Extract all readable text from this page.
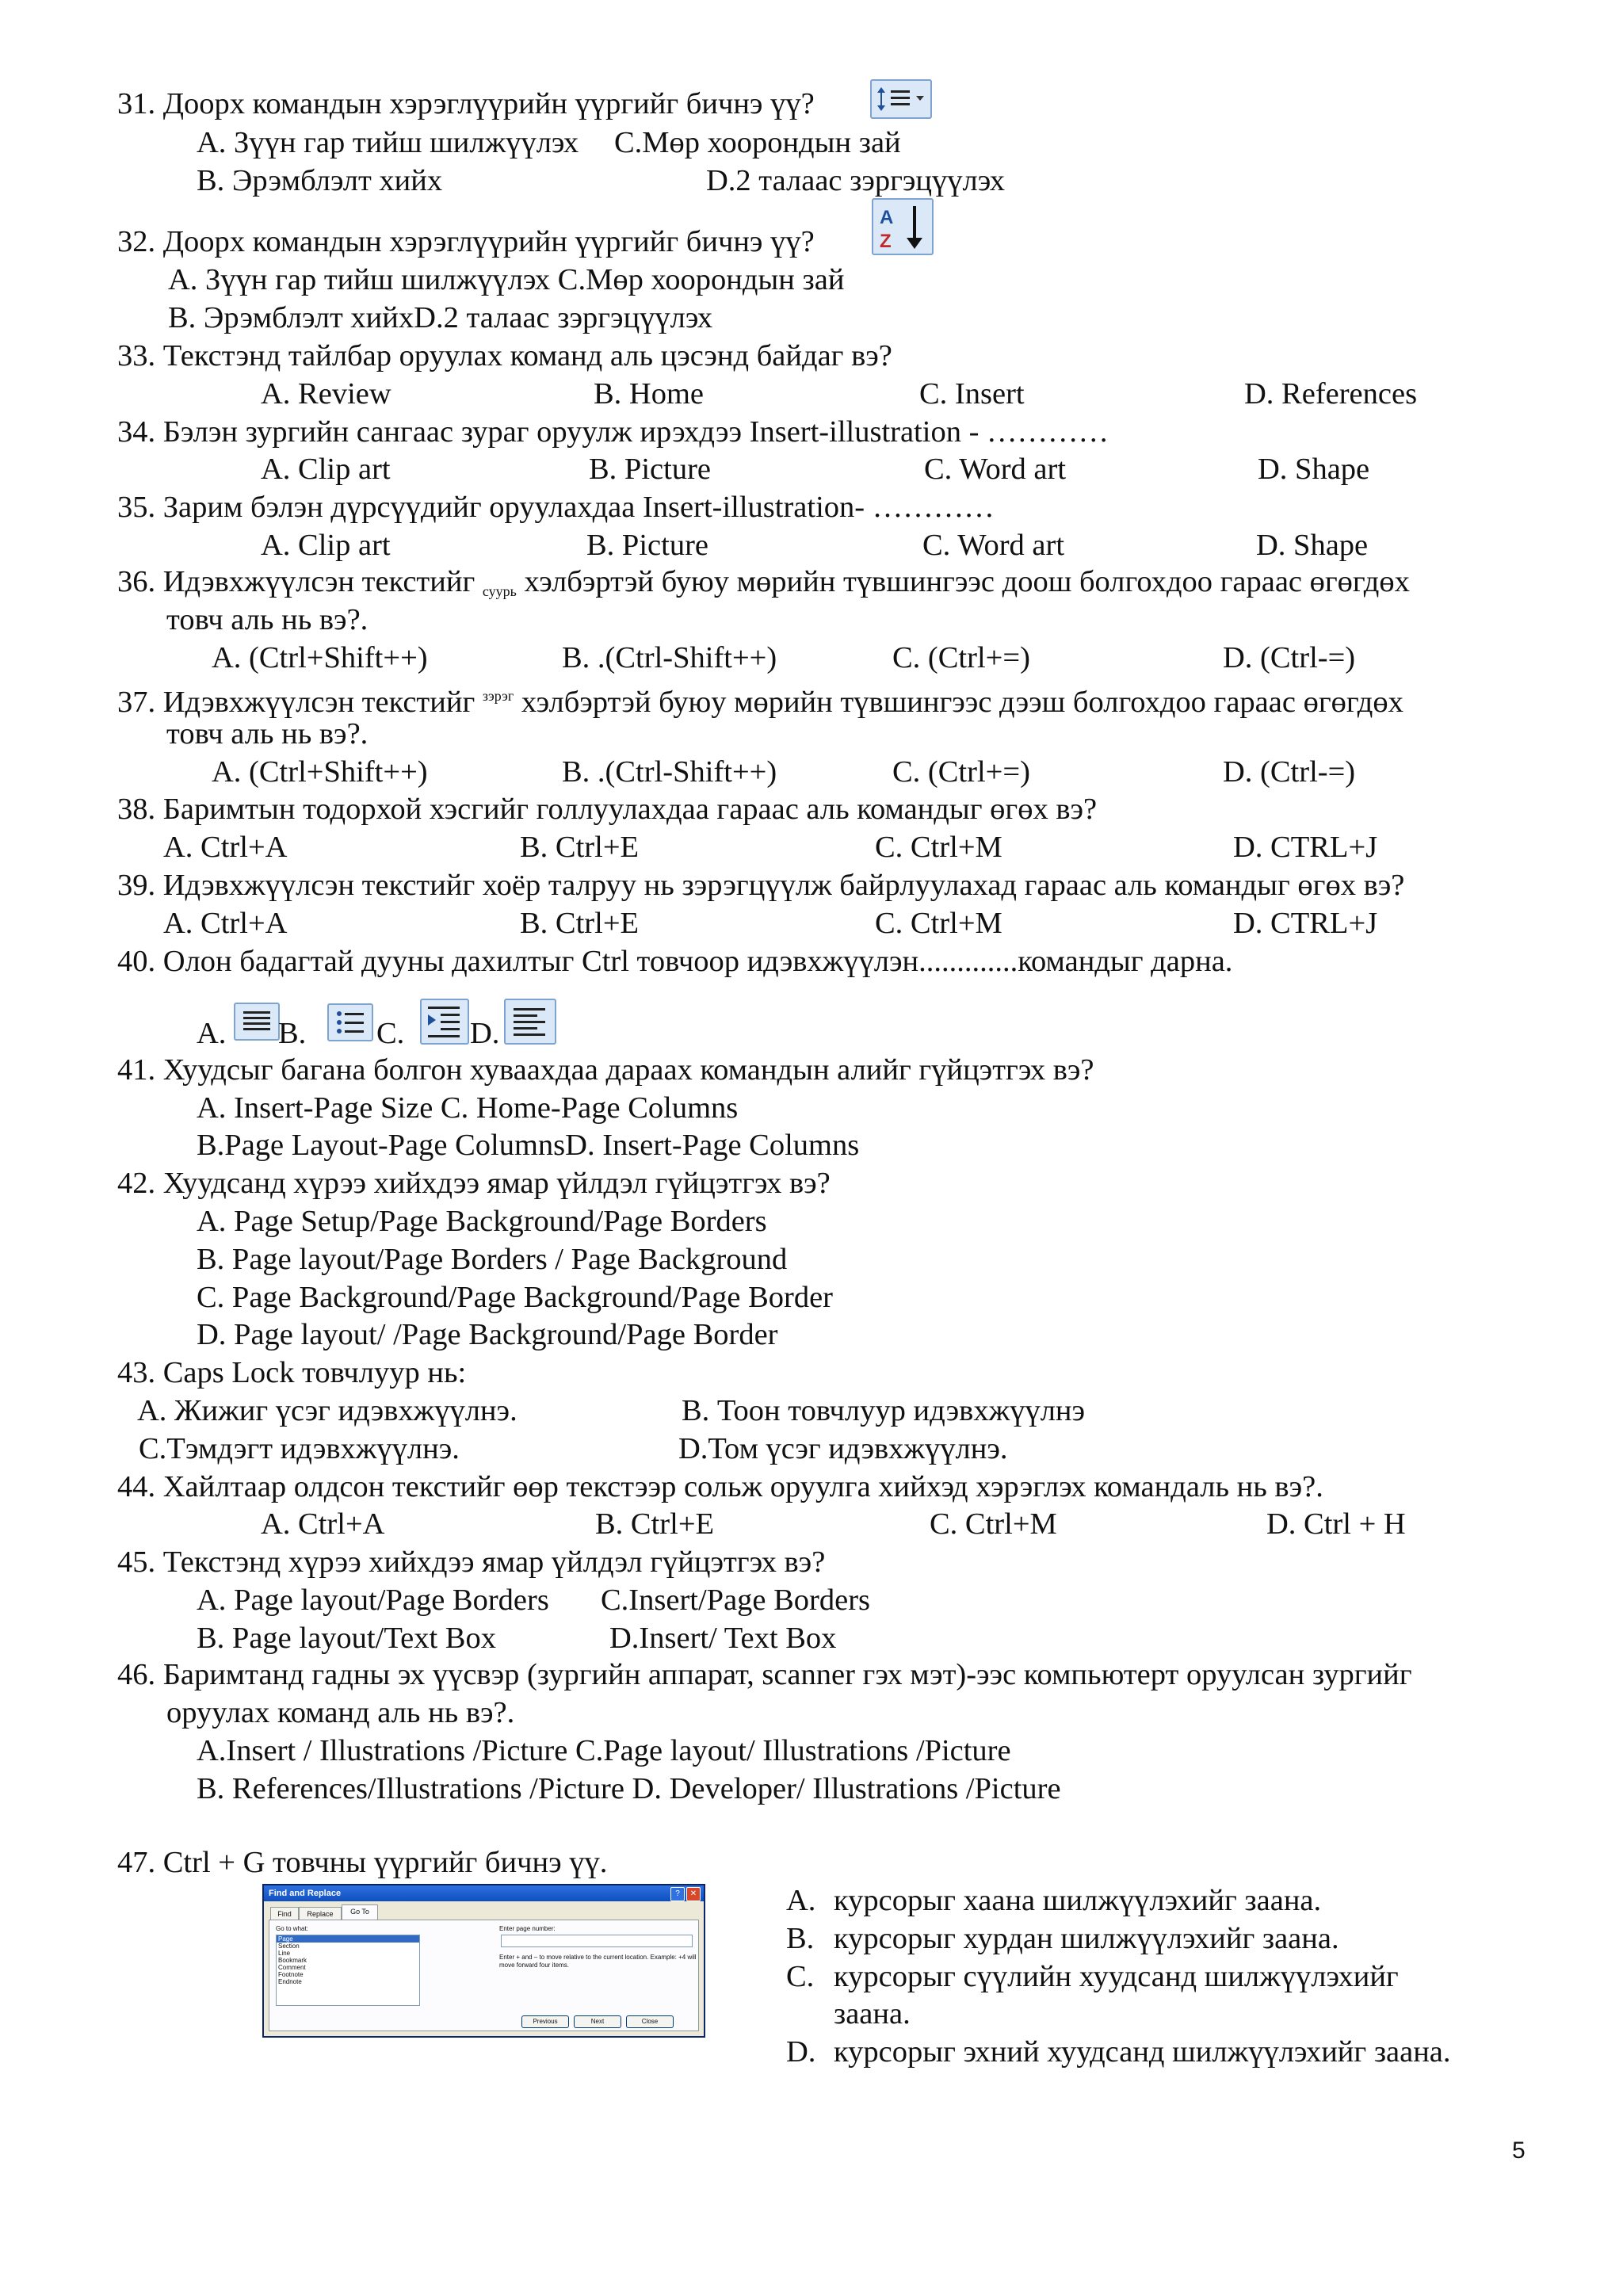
31. Доорх командын хэрэглүүрийн үүргийг бичнэ үү?
A. Зүүн гар тийш шилжүүлэх C.Мөр хоорондын зай
B. Эрэмблэлт хийх	D.2 талаас зэргэцүүлэх
32. Доорх командын хэрэглүүрийн үүргийг бичнэ үү?
A
Z
A. Зүүн гар тийш шилжүүлэх C.Мөр хоорондын зай
B. Эрэмблэлт хийхD.2 талаас зэргэцүүлэх
33. Текстэнд тайлбар оруулах команд аль цэсэнд байдаг вэ?
A. Review	B. Home	C. Insert	D. References
34. Бэлэн зургийн сангаас зураг оруулж ирэхдээ Insert-illustration - …………
A. Clip art	B. Picture	C. Word art	D. Shape
35. Зарим бэлэн дүрсүүдийг оруулахдаа Insert-illustration- …………
A. Clip art	B. Picture	C. Word art	D. Shape
36. Идэвхжүүлсэн текстийг $_{суурь}$ хэлбэртэй буюу мөрийн түвшингээс доош болгохдоо гараас өгөгдөх
товч аль нь вэ?.
A. (Ctrl+Shift++)	B. .(Ctrl-Shift++)	C. (Ctrl+=)	D. (Ctrl-=)
37. Идэвхжүүлсэн текстийг $^{зэрэг}$ хэлбэртэй буюу мөрийн түвшингээс дээш болгохдоо гараас өгөгдөх
товч аль нь вэ?.
A. (Ctrl+Shift++)	B. .(Ctrl-Shift++)	C. (Ctrl+=)	D. (Ctrl-=)
38. Баримтын тодорхой хэсгийг голлуулахдаа гараас аль командыг өгөх вэ?
A. Ctrl+A	B. Ctrl+E	C. Ctrl+M	D. CTRL+J
39. Идэвхжүүлсэн текстийг хоёр талруу нь зэрэгцүүлж байрлуулахад гараас аль командыг өгөх вэ?
A. Ctrl+A	B. Ctrl+E	C. Ctrl+M	D. CTRL+J
40. Олон бадагтай дууны дахилтыг Ctrl товчоор идэвхжүүлэн.............командыг дарна.
A. B. C. D.
41. Хуудсыг багана болгон хуваахдаа дараах командын алийг гүйцэтгэх вэ?
A. Insert-Page Size C. Home-Page Columns
B.Page Layout-Page ColumnsD. Insert-Page Columns
42. Хуудсанд хүрээ хийхдээ ямар үйлдэл гүйцэтгэх вэ?
A. Page Setup/Page Background/Page Borders
B. Page layout/Page Borders / Page Background
C. Page Background/Page Background/Page Border
D. Page layout/ /Page Background/Page Border
43. Caps Lock товчлуур нь:
A. Жижиг үсэг идэвхжүүлнэ.	B. Тоон товчлуур идэвхжүүлнэ
C.Тэмдэгт идэвхжүүлнэ.	D.Том үсэг идэвхжүүлнэ.
44. Хайлтаар олдсон текстийг өөр текстээр сольж оруулга хийхэд хэрэглэх командаль нь вэ?.
A. Ctrl+A	B. Ctrl+E	C. Ctrl+M	D. Ctrl + H
45. Текстэнд хүрээ хийхдээ ямар үйлдэл гүйцэтгэх вэ?
A. Page layout/Page Borders C.Insert/Page Borders
B. Page layout/Text Box	D.Insert/ Text Box
46. Баримтанд гадны эх үүсвэр (зургийн аппарат, scanner гэх мэт)-ээс компьютерт оруулсан зургийг
оруулах команд аль нь вэ?.
A.Insert / Illustrations /Picture C.Page layout/ Illustrations /Picture
B. References/Illustrations /Picture D. Developer/ Illustrations /Picture
47. Ctrl + G товчны үүргийг бичнэ үү.
Find and Replace	?	✕
Find	Replace	Go To
Go to what:
Page
Section
Line
Bookmark
Comment
Footnote
Endnote
Enter page number:
Enter + and – to move relative to the current location. Example: +4 will move forward four items.
Previous	Next	Close
A. курсорыг хаана шилжүүлэхийг заана.
B. курсорыг хурдан шилжүүлэхийг заана.
C. курсорыг сүүлийн хуудсанд шилжүүлэхийг
заана.
D. курсорыг эхний хуудсанд шилжүүлэхийг заана.
5
